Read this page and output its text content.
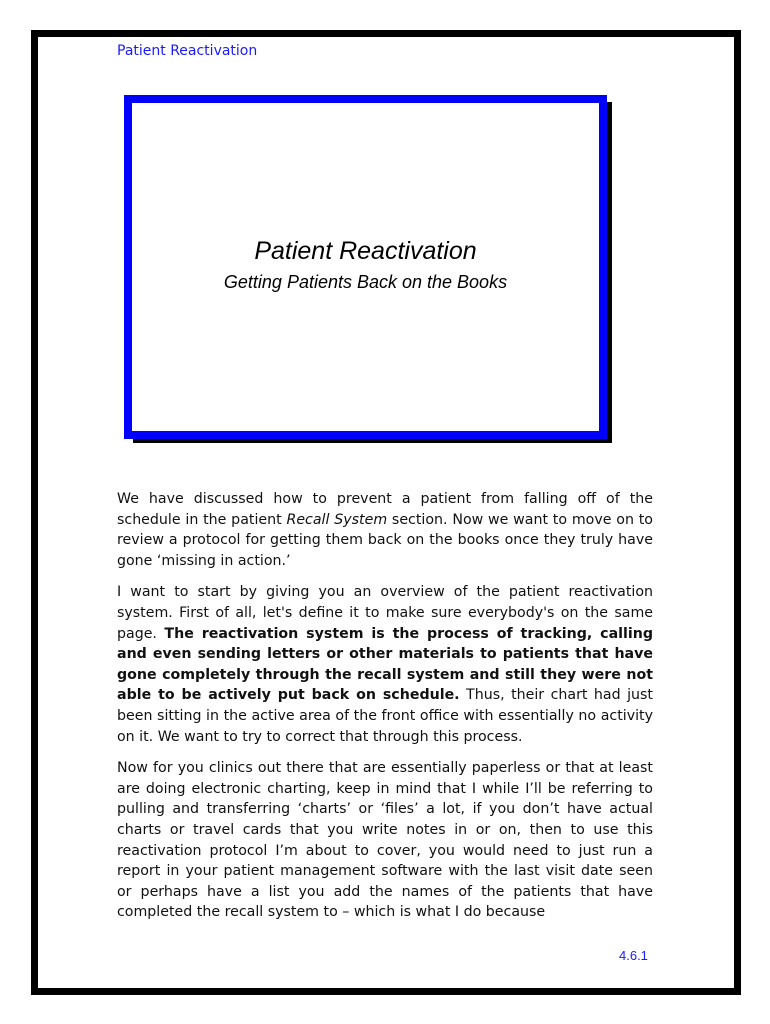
Patient Reactivation
Patient Reactivation
Getting Patients Back on the Books

We have discussed how to prevent a patient from falling off of the schedule in the patient Recall System section. Now we want to move on to review a protocol for getting them back on the books once they truly have gone ‘missing in action.’

I want to start by giving you an overview of the patient reactivation system. First of all, let's define it to make sure everybody's on the same page. The reactivation system is the process of tracking, calling and even sending letters or other materials to patients that have gone completely through the recall system and still they were not able to be actively put back on schedule. Thus, their chart had just been sitting in the active area of the front office with essentially no activity on it. We want to try to correct that through this process.

Now for you clinics out there that are essentially paperless or that at least are doing electronic charting, keep in mind that I while I’ll be referring to pulling and transferring ‘charts’ or ‘files’ a lot, if you don’t have actual charts or travel cards that you write notes in or on, then to use this reactivation protocol I’m about to cover, you would need to just run a report in your patient management software with the last visit date seen or perhaps have a list you add the names of the patients that have completed the recall system to – which is what I do because

4.6.1
